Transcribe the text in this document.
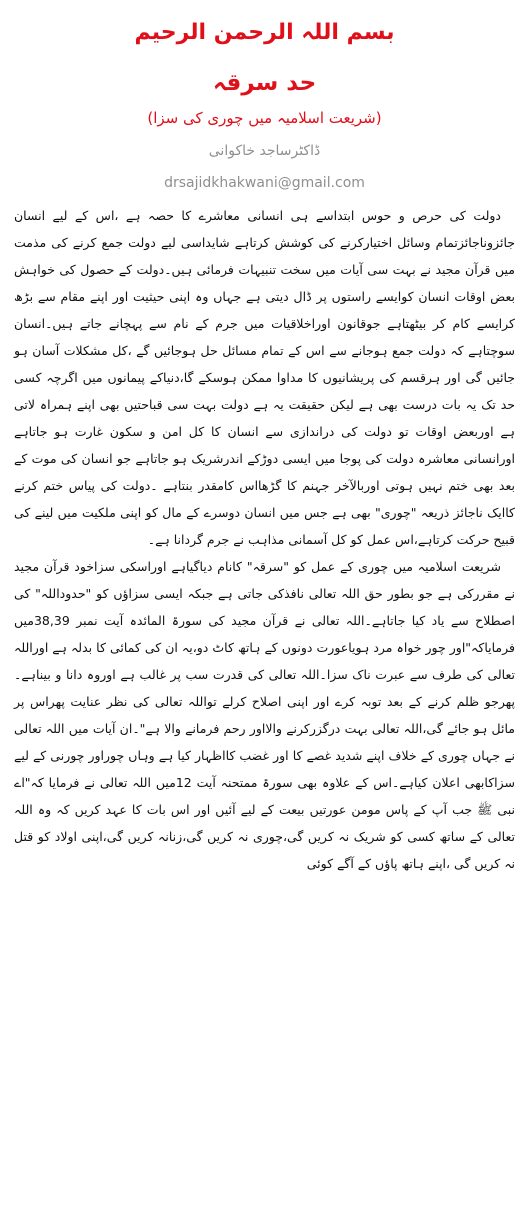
بسم اللہ الرحمن الرحیم
حد سرقہ
(شریعت اسلامیہ میں چوری کی سزا)
ڈاکٹرساجد خاکوانی
drsajidkhakwani@gmail.com

دولت کی حرص و حوس ابتداسے ہی انسانی معاشرے کا حصہ ہے ،اس کے لیے انسان جائزوناجائزتمام وسائل اختیارکرنے کی کوشش کرتاہے شایداسی لیے دولت جمع کرنے کی مذمت میں قرآن مجید نے بہت سی آیات میں سخت تنبیہات فرمائی ہیں۔دولت کے حصول کی خواہش بعض اوقات انسان کوایسے راستوں پر ڈال دیتی ہے جہاں وہ اپنی حیثیت اور اپنے مقام سے بڑھ کرایسے کام کر بیٹھتاہے جوقانون اوراخلاقیات میں جرم کے نام سے پہچانے جاتے ہیں۔انسان سوچتاہے کہ دولت جمع ہوجانے سے اس کے تمام مسائل حل ہوجائیں گے ،کل مشکلات آسان ہو جائیں گی اور ہرقسم کی پریشانیوں کا مداوا ممکن ہوسکے گا،دنیاکے پیمانوں میں اگرچہ کسی حد تک یہ بات درست بھی ہے لیکن حقیقت یہ ہے دولت بہت سی قباحتیں بھی اپنے ہمراہ لاتی ہے اوربعض اوقات تو دولت کی دراندازی سے انسان کا کل امن و سکون غارت ہو جاتاہے اورانسانی معاشرہ دولت کی پوجا میں ایسی دوڑکے اندرشریک ہو جاتاہے جو انسان کی موت کے بعد بھی ختم نہیں ہوتی اوربالآخر جہنم کا گڑھااس کامقدر بنتاہے ۔دولت کی پیاس ختم کرنے کاایک ناجائز ذریعہ "چوری" بھی ہے جس میں انسان دوسرے کے مال کو اپنی ملکیت میں لینے کی قبیح حرکت کرتاہے،اس عمل کو کل آسمانی مذاہب نے جرم گردانا ہے۔

شریعت اسلامیہ میں چوری کے عمل کو "سرقہ" کانام دیاگیاہے اوراسکی سزاخود قرآن مجید نے مقررکی ہے جو بطور حق اللہ تعالی نافذکی جاتی ہے جبکہ ایسی سزاؤں کو "حدوداللہ" کی اصطلاح سے یاد کیا جاتاہے۔اللہ تعالی نے قرآن مجید کی سورۃ المائدہ آیت نمبر 38,39میں فرمایاکہ"اور چور خواہ مرد ہویاعورت دونوں کے ہاتھ کاٹ دو،یہ ان کی کمائی کا بدلہ ہے اوراللہ تعالی کی طرف سے عبرت ناک سزا۔اللہ تعالی کی قدرت سب پر غالب ہے اوروہ دانا و بیناہے۔پھرجو ظلم کرنے کے بعد توبہ کرے اور اپنی اصلاح کرلے تواللہ تعالی کی نظر عنایت پھراس پر مائل ہو جائے گی،اللہ تعالی بہت درگزرکرنے والااور رحم فرمانے والا ہے"۔ان آیات میں اللہ تعالی نے جہاں چوری کے خلاف اپنے شدید غصے کا اور غضب کااظہار کیا ہے وہاں چوراور چورنی کے لیے سزاکابھی اعلان کیاہے۔اس کے علاوہ بھی سورۃ ممتحنہ آیت 12میں اللہ تعالی نے فرمایا کہ"اے نبی ﷺ جب آپ کے پاس مومن عورتیں بیعت کے لیے آئیں اور اس بات کا عہد کریں کہ وہ اللہ تعالی کے ساتھ کسی کو شریک نہ کریں گی،چوری نہ کریں گی،زنانہ کریں گی،اپنی اولاد کو قتل نہ کریں گی ،اپنے ہاتھ پاؤں کے آگے کوئی
